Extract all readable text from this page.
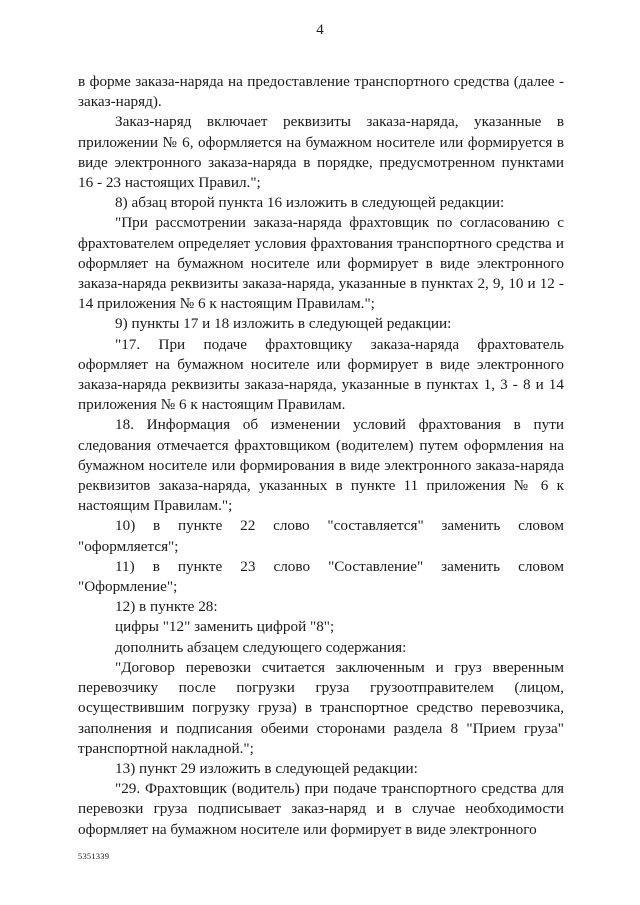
4

в форме заказа-наряда на предоставление транспортного средства (далее - заказ-наряд).

Заказ-наряд включает реквизиты заказа-наряда, указанные в приложении № 6, оформляется на бумажном носителе или формируется в виде электронного заказа-наряда в порядке, предусмотренном пунктами 16 - 23 настоящих Правил.";

8) абзац второй пункта 16 изложить в следующей редакции:

"При рассмотрении заказа-наряда фрахтовщик по согласованию с фрахтователем определяет условия фрахтования транспортного средства и оформляет на бумажном носителе или формирует в виде электронного заказа-наряда реквизиты заказа-наряда, указанные в пунктах 2, 9, 10 и 12 - 14 приложения № 6 к настоящим Правилам.";

9) пункты 17 и 18 изложить в следующей редакции:

"17. При подаче фрахтовщику заказа-наряда фрахтователь оформляет на бумажном носителе или формирует в виде электронного заказа-наряда реквизиты заказа-наряда, указанные в пунктах 1, 3 - 8 и 14 приложения № 6 к настоящим Правилам.

18. Информация об изменении условий фрахтования в пути следования отмечается фрахтовщиком (водителем) путем оформления на бумажном носителе или формирования в виде электронного заказа-наряда реквизитов заказа-наряда, указанных в пункте 11 приложения № 6 к настоящим Правилам.";

10) в пункте 22 слово "составляется" заменить словом "оформляется";

11) в пункте 23 слово "Составление" заменить словом "Оформление";

12) в пункте 28:

цифры "12" заменить цифрой "8";

дополнить абзацем следующего содержания:

"Договор перевозки считается заключенным и груз вверенным перевозчику после погрузки груза грузоотправителем (лицом, осуществившим погрузку груза) в транспортное средство перевозчика, заполнения и подписания обеими сторонами раздела 8 "Прием груза" транспортной накладной.";

13) пункт 29 изложить в следующей редакции:

"29. Фрахтовщик (водитель) при подаче транспортного средства для перевозки груза подписывает заказ-наряд и в случае необходимости оформляет на бумажном носителе или формирует в виде электронного

5351339
